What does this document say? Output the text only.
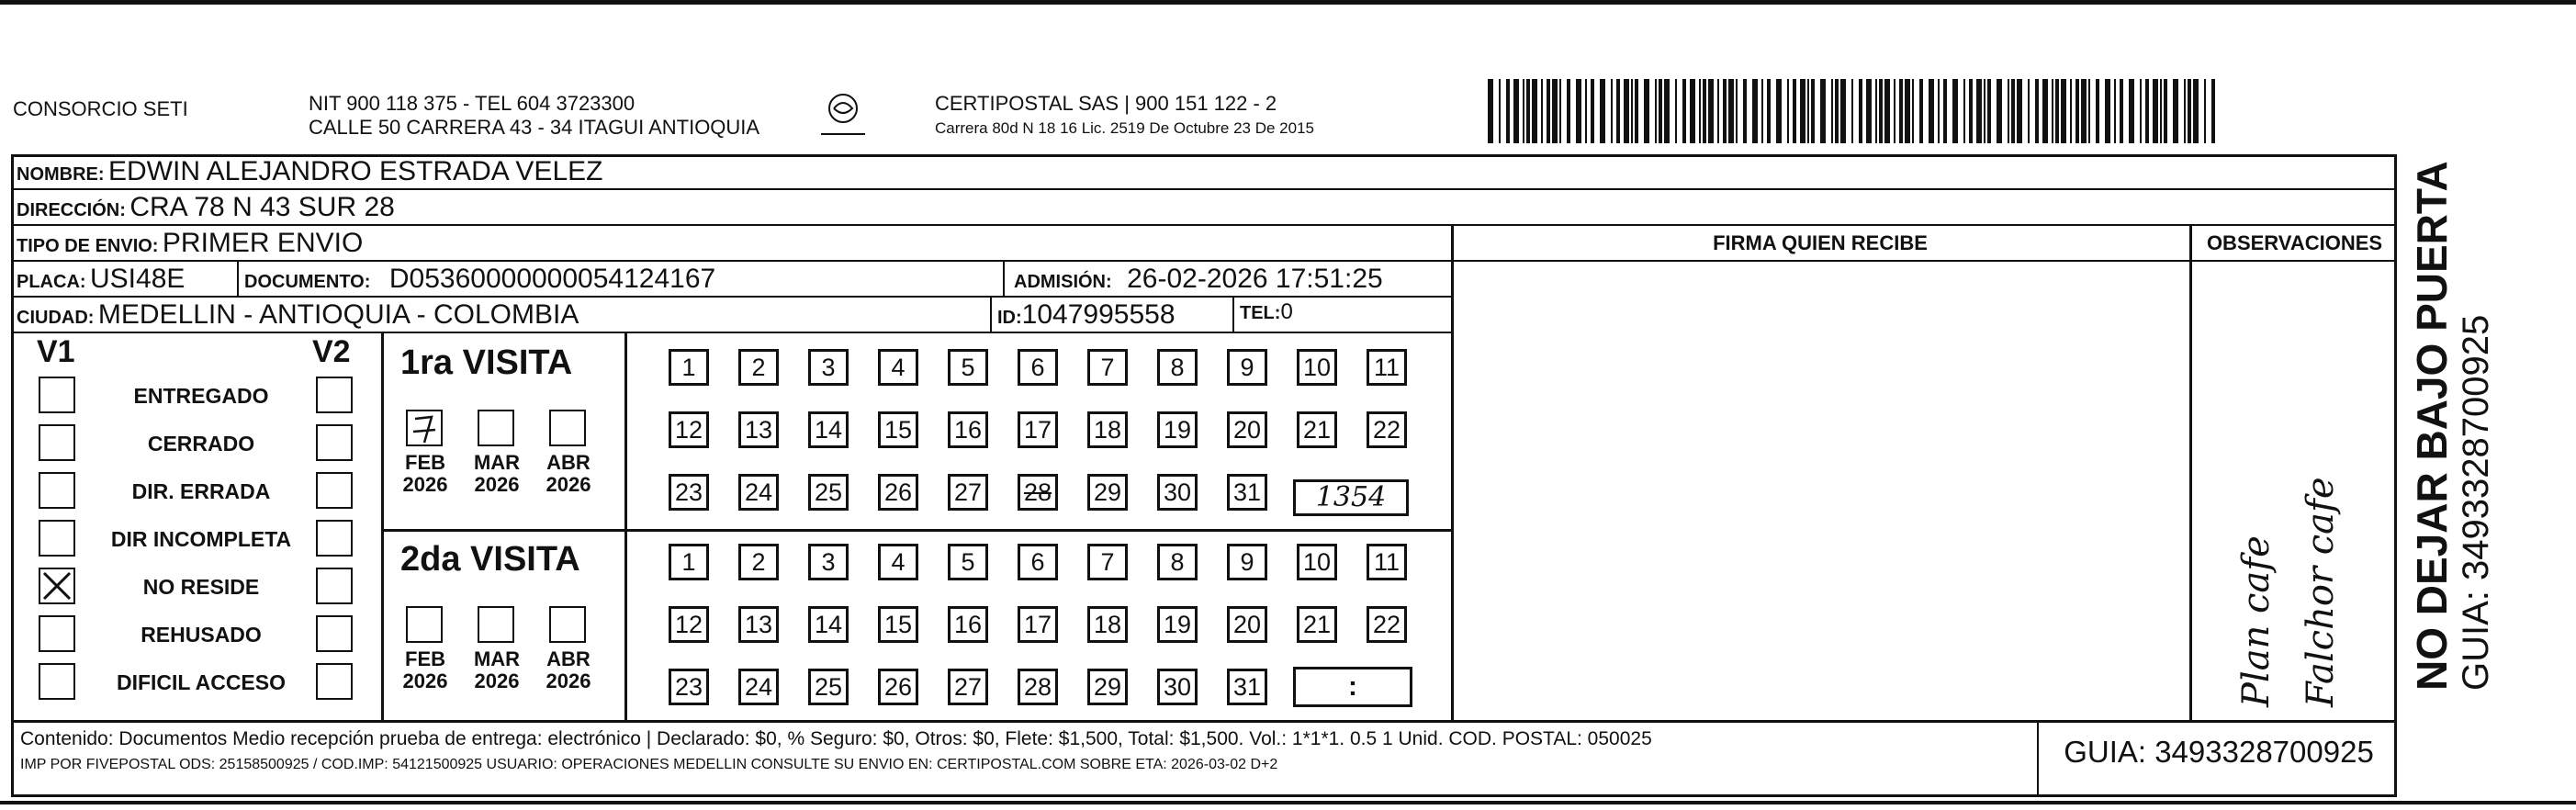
CONSORCIO SETI	NIT 900 118 375 - TEL 604 3723300
CALLE 50 CARRERA 43 - 34 ITAGUI ANTIOQUIA
CERTIPOSTAL SAS | 900 151 122 - 2
Carrera 80d N 18 16 Lic. 2519 De Octubre 23 De 2015
NOMBRE: EDWIN ALEJANDRO ESTRADA VELEZ
DIRECCIÓN: CRA 78 N 43 SUR 28
TIPO DE ENVIO: PRIMER ENVIO	FIRMA QUIEN RECIBE	OBSERVACIONES
PLACA: USI48E	DOCUMENTO: D05360000000054124167	ADMISIÓN: 26-02-2026 17:51:25
CIUDAD: MEDELLIN - ANTIOQUIA - COLOMBIA	ID:1047995558	TEL:0
V1	V2
ENTREGADO
CERRADO
DIR. ERRADA
DIR INCOMPLETA
NO RESIDE
REHUSADO
DIFICIL ACCESO
1ra VISITA
2da VISITA
FEB
2026
MAR
2026
ABR
2026
FEB
2026
MAR
2026
ABR
2026
1	2	3	4	5	6	7	8	9	10 11
12 13 14 15 16 17 18 19 20 21 22
23 24 25 26 27 28 29 30 31
1	2	3	4	5	6	7	8	9	10 11
12 13 14 15 16 17 18 19 20 21 22
23 24 25 26 27 28 29 30 31
1354
:	Plan cafe Falchor cafe
Contenido: Documentos Medio recepción prueba de entrega: electrónico | Declarado: $0, % Seguro: $0, Otros: $0, Flete: $1,500, Total: $1,500. Vol.: 1*1*1. 0.5 1 Unid. COD. POSTAL: 050025
IMP POR FIVEPOSTAL ODS: 25158500925 / COD.IMP: 54121500925 USUARIO: OPERACIONES MEDELLIN CONSULTE SU ENVIO EN: CERTIPOSTAL.COM SOBRE ETA: 2026-03-02 D+2	GUIA: 3493328700925
NO DEJAR BAJO PUERTA GUIA: 3493328700925
